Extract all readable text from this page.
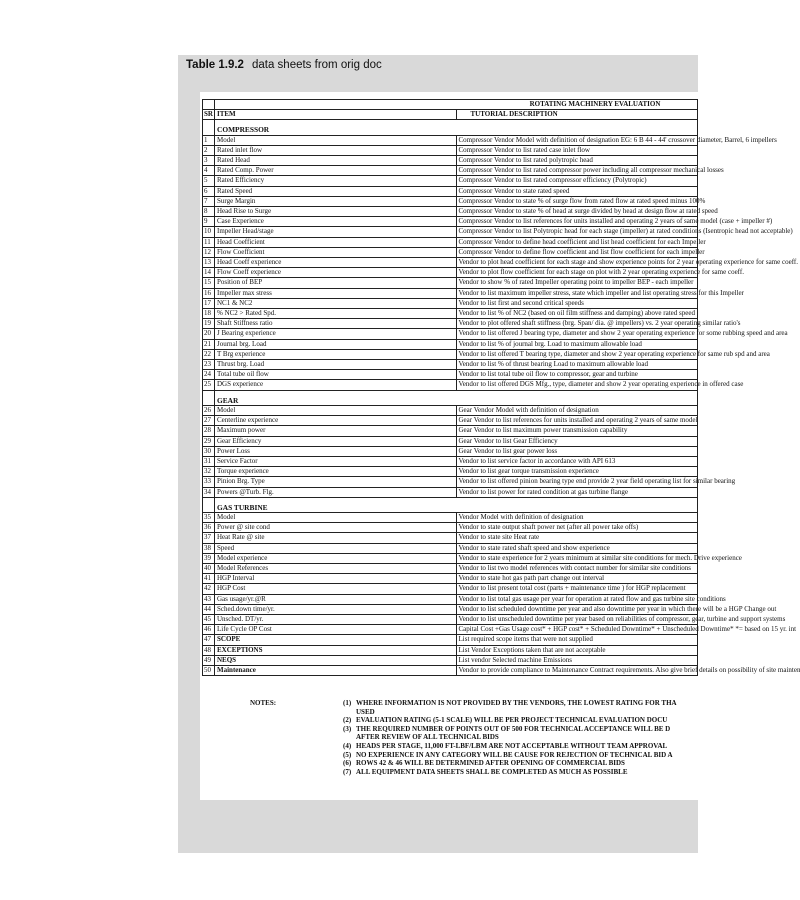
Table 1.9.2 data sheets from orig doc
	ROTATING MACHINERY EVALUATION	
SR	ITEM	TUTORIAL DESCRIPTION
	COMPRESSOR	
1	Model	Compressor Vendor Model with definition of designation EG: 6 B 44 - 44' crossover diameter, Barrel, 6 impellers
2	Rated inlet flow	Compressor Vendor to list rated case inlet flow
3	Rated Head	Compressor Vendor to list rated polytropic head
4	Rated Comp. Power	Compressor Vendor to list rated compressor power including all compressor mechanical losses
5	Rated Efficiency	Compressor Vendor to list rated compressor efficiency (Polytropic)
6	Rated Speed	Compressor Vendor to state rated speed
7	Surge Margin	Compressor Vendor to state % of surge flow from rated flow at rated speed minus 100%
8	Head Rise to Surge	Compressor Vendor to state % of head at surge divided by head at design flow at rated speed
9	Case Experience	Compressor Vendor to list references for units installed and operating 2 years of same model (case + impeller #)
10	Impeller Head/stage	Compressor Vendor to list Polytropic head for each stage (impeller) at rated conditions (Isentropic head not acceptable)
11	Head Coefficient	Compressor Vendor to define head coefficient and list head coefficient for each Impeller
12	Flow Coefficient	Compressor Vendor to define flow coefficient and list flow coefficient for each impeller
13	Head Coeff experience	Vendor to plot head coefficient for each stage and show experience points for 2 year operating experience for same coeff.
14	Flow Coeff experience	Vendor to plot flow coefficient for each stage on plot with 2 year operating experience for same coeff.
15	Position of BEP	Vendor to show % of rated Impeller operating point to impeller BEP - each impeller
16	Impeller max stress	Vendor to list maximum impeller stress, state which impeller and list operating stress for this Impeller
17	NC1 & NC2	Vendor to list first and second critical speeds
18	% NC2 > Rated Spd.	Vendor to list % of NC2 (based on oil film stiffness and damping) above rated speed
19	Shaft Stiffness ratio	Vendor to plot offered shaft stiffness (brg. Span/ dia. @ impellers) vs. 2 year operating similar ratio's
20	J Bearing experience	Vendor to list offered J bearing type, diameter and show 2 year operating experience for some rubbing speed and area
21	Journal brg. Load	Vendor to list % of journal brg. Load to maximum allowable load
22	T Brg experience	Vendor to list offered T bearing type, diameter and show 2 year operating experience for same rub spd and area
23	Thrust brg. Load	Vendor to list % of thrust bearing Load to maximum allowable load
24	Total tube oil flow	Vendor to list total tube oil flow to compressor, gear and turbine
25	DGS experience	Vendor to list offered DGS Mfg., type, diameter and show 2 year operating experience in offered case
	GEAR	
26	Model	Gear Vendor Model with definition of designation
27	Centerline experience	Gear Vendor to list references for units installed and operating 2 years of same model
28	Maximum power	Gear Vendor to list maximum power transmission capability
29	Gear Efficiency	Gear Vendor to list Gear Efficiency
30	Power Loss	Gear Vendor to list gear power loss
31	Service Factor	Vendor to list service factor in accordance with API 613
32	Torque experience	Vendor to list gear torque transmission experience
33	Pinion Brg. Type	Vendor to list offered pinion bearing type end provide 2 year field operating list for similar bearing
34	Powers @Turb. Flg.	Vendor to list power for rated condition at gas turbine flange
	GAS TURBINE	
35	Model	Vendor Model with definition of designation
36	Power @ site cond	Vendor to state output shaft power net (after all power take offs)
37	Heat Rate @ site	Vendor to state site Heat rate
38	Speed	Vendor to state rated shaft speed and show experience
39	Model experience	Vendor to state experience for 2 years minimum at similar site conditions for mech. Drive experience
40	Model References	Vendor to list two model references with contact number for similar site conditions
41	HGP Interval	Vendor to state hot gas path part change out interval
42	HGP Cost	Vendor to list present total cost (parts + maintenance time ) for HGP replacement
43	Gas usage/yr.@R	Vendor to list total gas usage per year for operation at rated flow and gas turbine site conditions
44	Sched.down time/yr.	Vendor to list scheduled downtime per year and also downtime per year in which there will be a HGP Change out
45	Unsched. DT/yr.	Vendor to list unscheduled downtime per year based on reliabilities of compressor, gear, turbine and support systems
46	Life Cycle OP Cost	Capital Cost +Gas Usage cost* + HGP cost* + Scheduled Downtime* + Unscheduled Downtime* *= based on 15 yr. int
47	SCOPE	List required scope items that were not supplied
48	EXCEPTIONS	List Vendor Exceptions taken that are not acceptable
49	NEQS	List vendor Selected machine Emissions
50	Maintenance	Vendor to provide compliance to Maintenance Contract requirements. Also give brief details on possibility of site mainten
NOTES:	(1) WHERE INFORMATION IS NOT PROVIDED BY THE VENDORS, THE LOWEST RATING FOR THA
USED
(2) EVALUATION RATING (5-1 SCALE) WILL BE PER PROJECT TECHNICAL EVALUATION DOCU
(3) THE REQUIRED NUMBER OF POINTS OUT OF 500 FOR TECHNICAL ACCEPTANCE WILL BE D
AFTER REVIEW OF ALL TECHNICAL BIDS
(4) HEADS PER STAGE, 11,000 FT-LBF/LBM ARE NOT ACCEPTABLE WITHOUT TEAM APPROVAL
(5) NO EXPERIENCE IN ANY CATEGORY WILL BE CAUSE FOR REJECTION OF TECHNICAL BID A
(6) ROWS 42 & 46 WILL BE DETERMINED AFTER OPENING OF COMMERCIAL BIDS
(7) ALL EQUIPMENT DATA SHEETS SHALL BE COMPLETED AS MUCH AS POSSIBLE
